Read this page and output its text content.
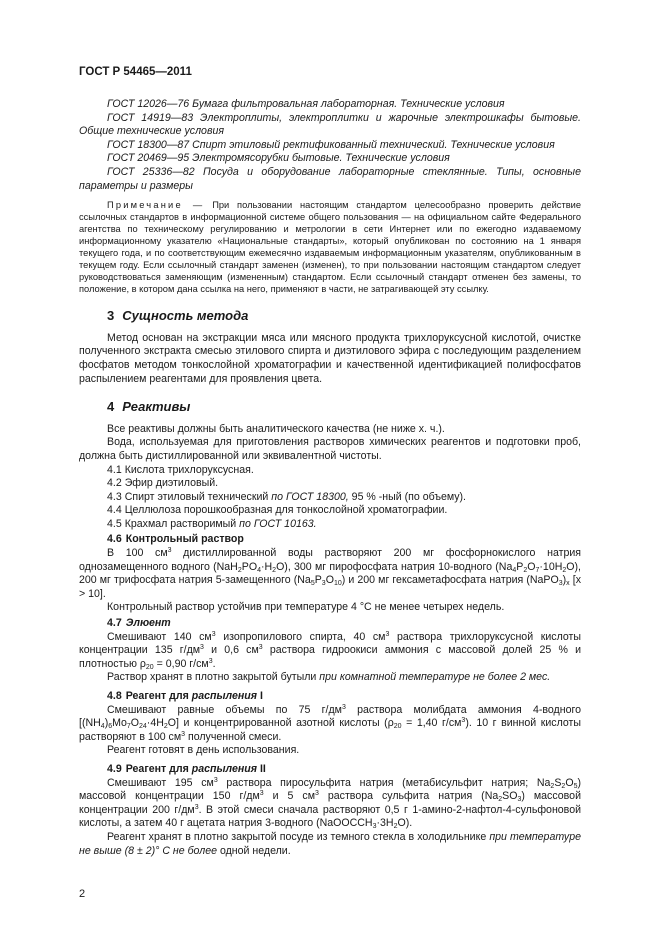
ГОСТ Р 54465—2011

ГОСТ 12026—76 Бумага фильтровальная лабораторная. Технические условия

ГОСТ 14919—83 Электроплиты, электроплитки и жарочные электрошкафы бытовые. Общие технические условия

ГОСТ 18300—87 Спирт этиловый ректификованный технический. Технические условия

ГОСТ 20469—95 Электромясорубки бытовые. Технические условия

ГОСТ 25336—82 Посуда и оборудование лабораторные стеклянные. Типы, основные параметры и размеры

Примечание — При пользовании настоящим стандартом целесообразно проверить действие ссылочных стандартов в информационной системе общего пользования — на официальном сайте Федерального агентства по техническому регулированию и метрологии в сети Интернет или по ежегодно издаваемому информационному указателю «Национальные стандарты», который опубликован по состоянию на 1 января текущего года, и по соответствующим ежемесячно издаваемым информационным указателям, опубликованным в текущем году. Если ссылочный стандарт заменен (изменен), то при пользовании настоящим стандартом следует руководствоваться заменяющим (измененным) стандартом. Если ссылочный стандарт отменен без замены, то положение, в котором дана ссылка на него, применяют в части, не затрагивающей эту ссылку.

3 Сущность метода

Метод основан на экстракции мяса или мясного продукта трихлоруксусной кислотой, очистке полученного экстракта смесью этилового спирта и диэтилового эфира с последующим разделением фосфатов методом тонкослойной хроматографии и качественной идентификацией полифосфатов распылением реагентами для проявления цвета.

4 Реактивы

Все реактивы должны быть аналитического качества (не ниже х. ч.).

Вода, используемая для приготовления растворов химических реагентов и подготовки проб, должна быть дистиллированной или эквивалентной чистоты.

4.1 Кислота трихлоруксусная.

4.2 Эфир диэтиловый.

4.3 Спирт этиловый технический по ГОСТ 18300, 95 % -ный (по объему).

4.4 Целлюлоза порошкообразная для тонкослойной хроматографии.

4.5 Крахмал растворимый по ГОСТ 10163.

4.6 Контрольный раствор

В 100 $см^3$ дистиллированной воды растворяют 200 мг фосфорнокислого натрия однозамещенного водного $(NaH_2PO_4\cdot H_2O)$, 300 мг пирофосфата натрия 10-водного $(Na_4P_2O_7\cdot 10H_2O)$, 200 мг трифосфата натрия 5-замещенного $(Na_5P_3O_{10})$ и 200 мг гексаметафосфата натрия $(NaPO_3)_x$ [x > 10].

Контрольный раствор устойчив при температуре 4 °C не менее четырех недель.

4.7 Элюент

Смешивают 140 $см^3$ изопропилового спирта, 40 $см^3$ раствора трихлоруксусной кислоты концентрации 135 $г/дм^3$ и 0,6 $см^3$ раствора гидроокиси аммония с массовой долей 25 % и плотностью $\rho_{20} = 0,90$ $г/см^3$.

Раствор хранят в плотно закрытой бутыли при комнатной температуре не более 2 мес.

4.8 Реагент для распыления I

Смешивают равные объемы по 75 $г/дм^3$ раствора молибдата аммония 4-водного $[(NH_4)_6Mo_7O_{24}\cdot 4H_2O]$ и концентрированной азотной кислоты ($\rho_{20} = 1,40$ $г/см^3$). 10 г винной кислоты растворяют в 100 $см^3$ полученной смеси.

Реагент готовят в день использования.

4.9 Реагент для распыления II

Смешивают 195 $см^3$ раствора пиросульфита натрия (метабисульфит натрия; $Na_2S_2O_5$) массовой концентрации 150 $г/дм^3$ и 5 $см^3$ раствора сульфита натрия $(Na_2SO_3)$ массовой концентрации 200 $г/дм^3$. В этой смеси сначала растворяют 0,5 г 1-амино-2-нафтол-4-сульфоновой кислоты, а затем 40 г ацетата натрия 3-водного $(NaOOCCH_3\cdot 3H_2O)$.

Реагент хранят в плотно закрытой посуде из темного стекла в холодильнике при температуре не выше (8 ± 2)° С не более одной недели.

2
